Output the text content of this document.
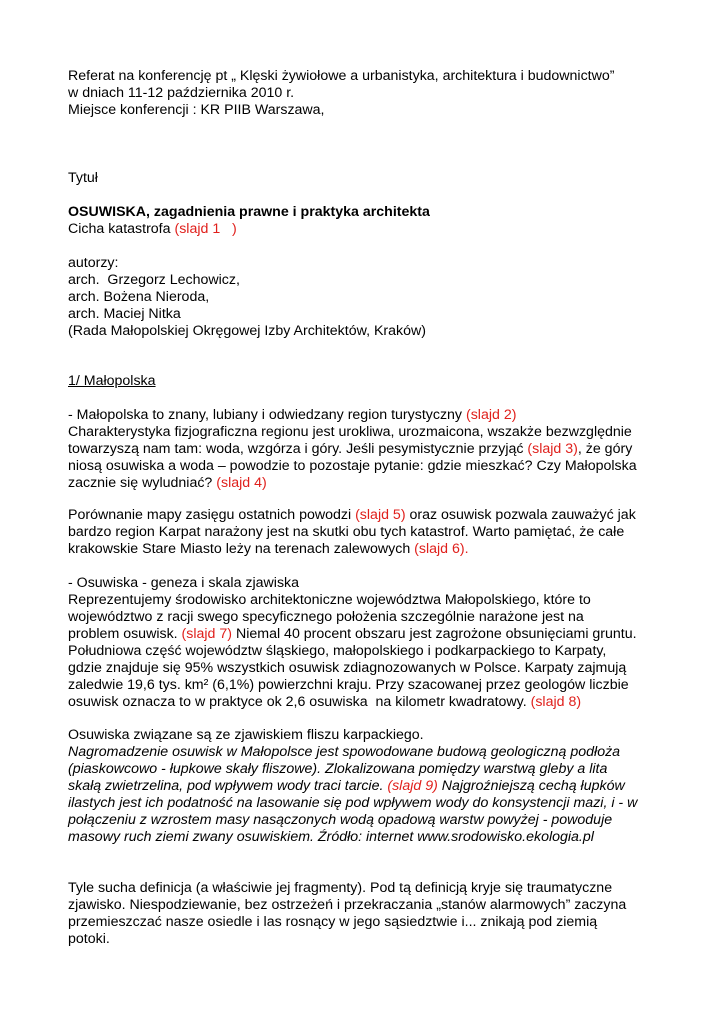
Referat na konferencję pt „ Klęski żywiołowe a urbanistyka, architektura i budownictwo”
w dniach 11-12 października 2010 r.
Miejsce konferencji : KR PIIB Warszawa,
Tytuł
OSUWISKA, zagadnienia prawne i praktyka architekta
Cicha katastrofa (slajd 1   )
autorzy:
arch.  Grzegorz Lechowicz,
arch. Bożena Nieroda,
arch. Maciej Nitka
(Rada Małopolskiej Okręgowej Izby Architektów, Kraków)
1/ Małopolska
- Małopolska to znany, lubiany i odwiedzany region turystyczny (slajd 2)
Charakterystyka fizjograficzna regionu jest urokliwa, urozmaicona, wszakże bezwzględnie
towarzyszą nam tam: woda, wzgórza i góry. Jeśli pesymistycznie przyjąć (slajd 3), że góry
niosą osuwiska a woda – powodzie to pozostaje pytanie: gdzie mieszkać? Czy Małopolska
zacznie się wyludniać? (slajd 4)
Porównanie mapy zasięgu ostatnich powodzi (slajd 5) oraz osuwisk pozwala zauważyć jak
bardzo region Karpat narażony jest na skutki obu tych katastrof. Warto pamiętać, że całe
krakowskie Stare Miasto leży na terenach zalewowych (slajd 6).
- Osuwiska - geneza i skala zjawiska
Reprezentujemy środowisko architektoniczne województwa Małopolskiego, które to
województwo z racji swego specyficznego położenia szczególnie narażone jest na
problem osuwisk. (slajd 7) Niemal 40 procent obszaru jest zagrożone obsunięciami gruntu.
Południowa część województw śląskiego, małopolskiego i podkarpackiego to Karpaty,
gdzie znajduje się 95% wszystkich osuwisk zdiagnozowanych w Polsce. Karpaty zajmują
zaledwie 19,6 tys. km² (6,1%) powierzchni kraju. Przy szacowanej przez geologów liczbie
osuwisk oznacza to w praktyce ok 2,6 osuwiska  na kilometr kwadratowy. (slajd 8)
Osuwiska związane są ze zjawiskiem fliszu karpackiego.
Nagromadzenie osuwisk w Małopolsce jest spowodowane budową geologiczną podłoża
(piaskowcowo - łupkowe skały fliszowe). Zlokalizowana pomiędzy warstwą gleby a lita
skałą zwietrzelina, pod wpływem wody traci tarcie. (slajd 9) Najgroźniejszą cechą łupków
ilastych jest ich podatność na lasowanie się pod wpływem wody do konsystencji mazi, i - w
połączeniu z wzrostem masy nasączonych wodą opadową warstw powyżej - powoduje
masowy ruch ziemi zwany osuwiskiem. Źródło: internet www.srodowisko.ekologia.pl
Tyle sucha definicja (a właściwie jej fragmenty). Pod tą definicją kryje się traumatyczne
zjawisko. Niespodziewanie, bez ostrzeżeń i przekraczania „stanów alarmowych” zaczyna
przemieszczać nasze osiedle i las rosnący w jego sąsiedztwie i... znikają pod ziemią
potoki.
